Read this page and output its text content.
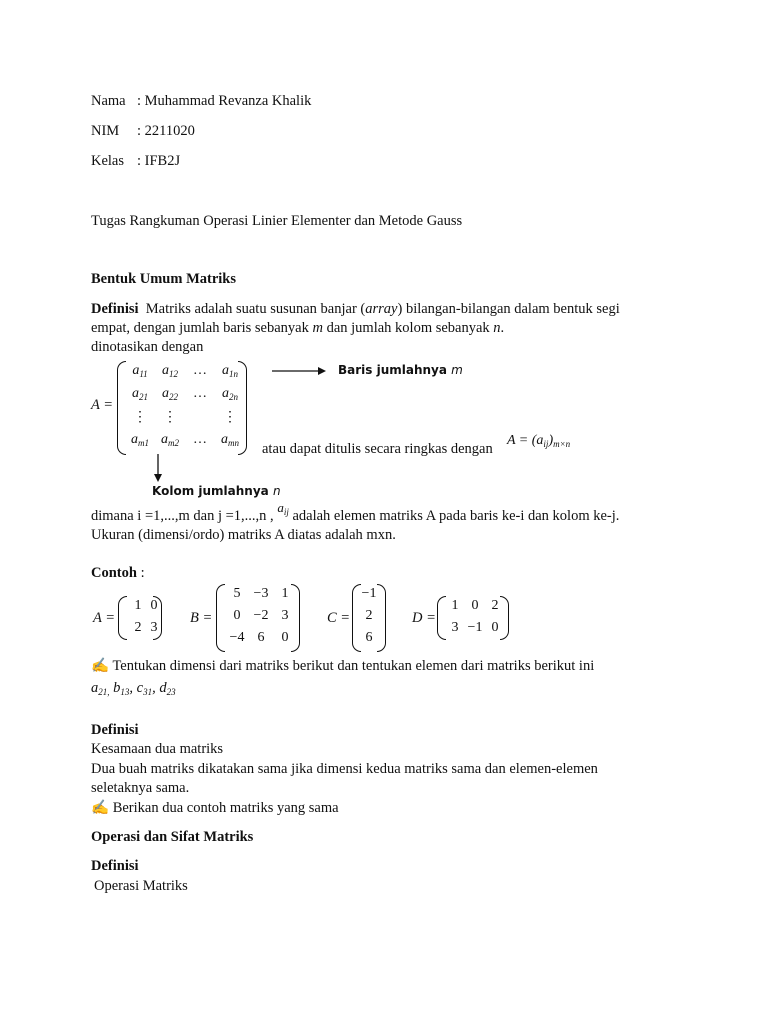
Nama : Muhammad Revanza Khalik
NIM : 2211020
Kelas : IFB2J
Tugas Rangkuman Operasi Linier Elementer dan Metode Gauss
Bentuk Umum Matriks
Definisi Matriks adalah suatu susunan banjar (array) bilangan-bilangan dalam bentuk segi
empat, dengan jumlah baris sebanyak m dan jumlah kolom sebanyak n.
dinotasikan dengan
A =
$a_{11}$	$a_{12}$	…	$a_{1n}$
$a_{21}$	$a_{22}$	…	$a_{2n}$
⋮	⋮	⋮
$a_{m1}$ $a_{m2}$	…	$a_{mn}$
Baris jumlahnya m
atau dapat ditulis secara ringkas dengan
$A = (a_{ij})_{m\times n}$
Kolom jumlahnya n
dimana i =1,...,m dan j =1,...,n , $a_{ij}$ adalah elemen matriks A pada baris ke-i dan kolom ke-j.
Ukuran (dimensi/ordo) matriks A diatas adalah mxn.
Contoh :
A =
1 0
2 3
B =
5 −3 1
0 −2 3
−4 6	0
C =
−1
2
6
D =
1 0 2
3 −1 0
✍ Tentukan dimensi dari matriks berikut dan tentukan elemen dari matriks berikut ini
$a_{21,}$ $b_{13}$, $c_{31}$, $d_{23}$
Definisi
Kesamaan dua matriks
Dua buah matriks dikatakan sama jika dimensi kedua matriks sama dan elemen-elemen
seletaknya sama.
✍ Berikan dua contoh matriks yang sama
Operasi dan Sifat Matriks
Definisi
Operasi Matriks
